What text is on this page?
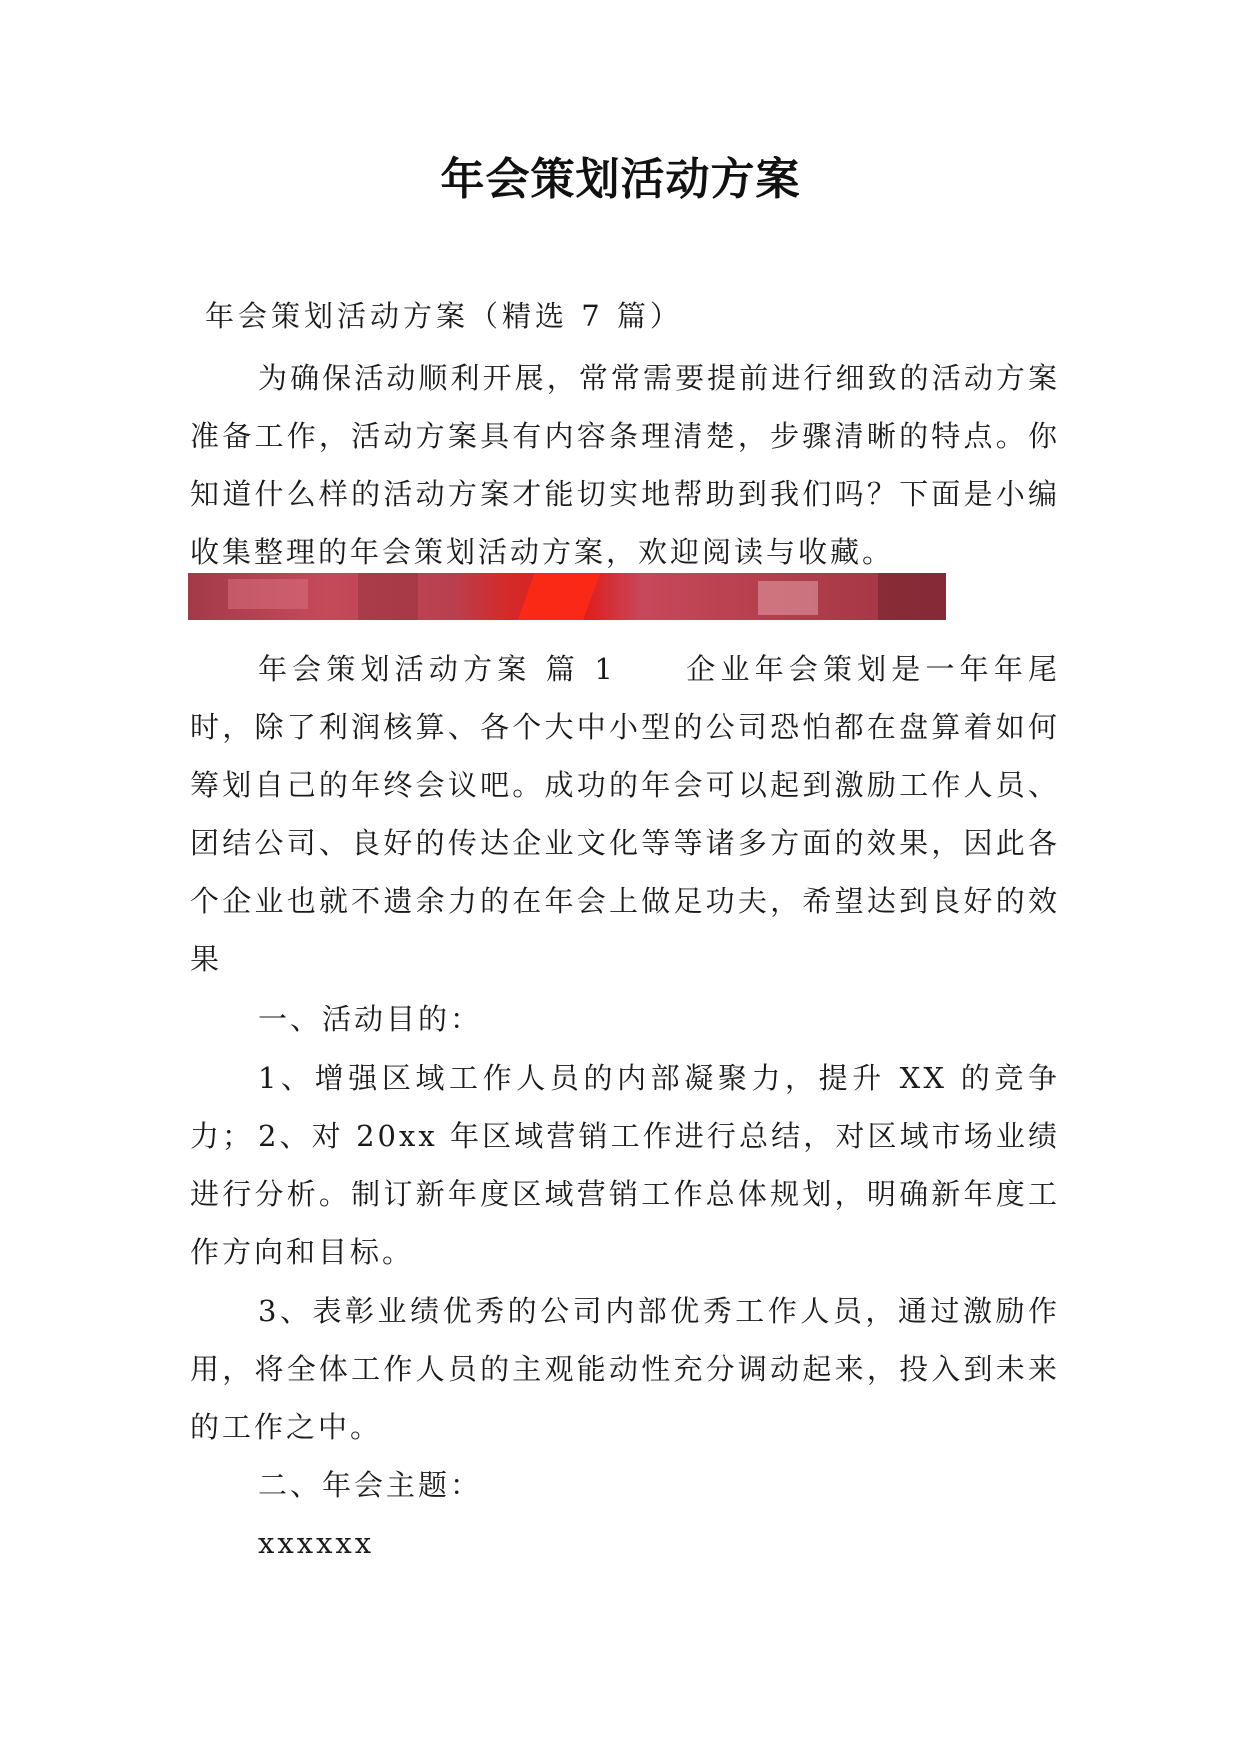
年会策划活动方案
年会策划活动方案（精选 7 篇）

为确保活动顺利开展，常常需要提前进行细致的活动方案准备工作，活动方案具有内容条理清楚，步骤清晰的特点。你知道什么样的活动方案才能切实地帮助到我们吗？下面是小编收集整理的年会策划活动方案，欢迎阅读与收藏。

年会策划活动方案 篇 1　　企业年会策划是一年年尾时，除了利润核算、各个大中小型的公司恐怕都在盘算着如何筹划自己的年终会议吧。成功的年会可以起到激励工作人员、团结公司、良好的传达企业文化等等诸多方面的效果，因此各个企业也就不遗余力的在年会上做足功夫，希望达到良好的效果

一、活动目的：

1、增强区域工作人员的内部凝聚力，提升 XX 的竞争力； 2、对 20xx 年区域营销工作进行总结，对区域市场业绩进行分析。制订新年度区域营销工作总体规划，明确新年度工作方向和目标。

3、表彰业绩优秀的公司内部优秀工作人员，通过激励作用，将全体工作人员的主观能动性充分调动起来，投入到未来的工作之中。

二、年会主题：

xxxxxx
